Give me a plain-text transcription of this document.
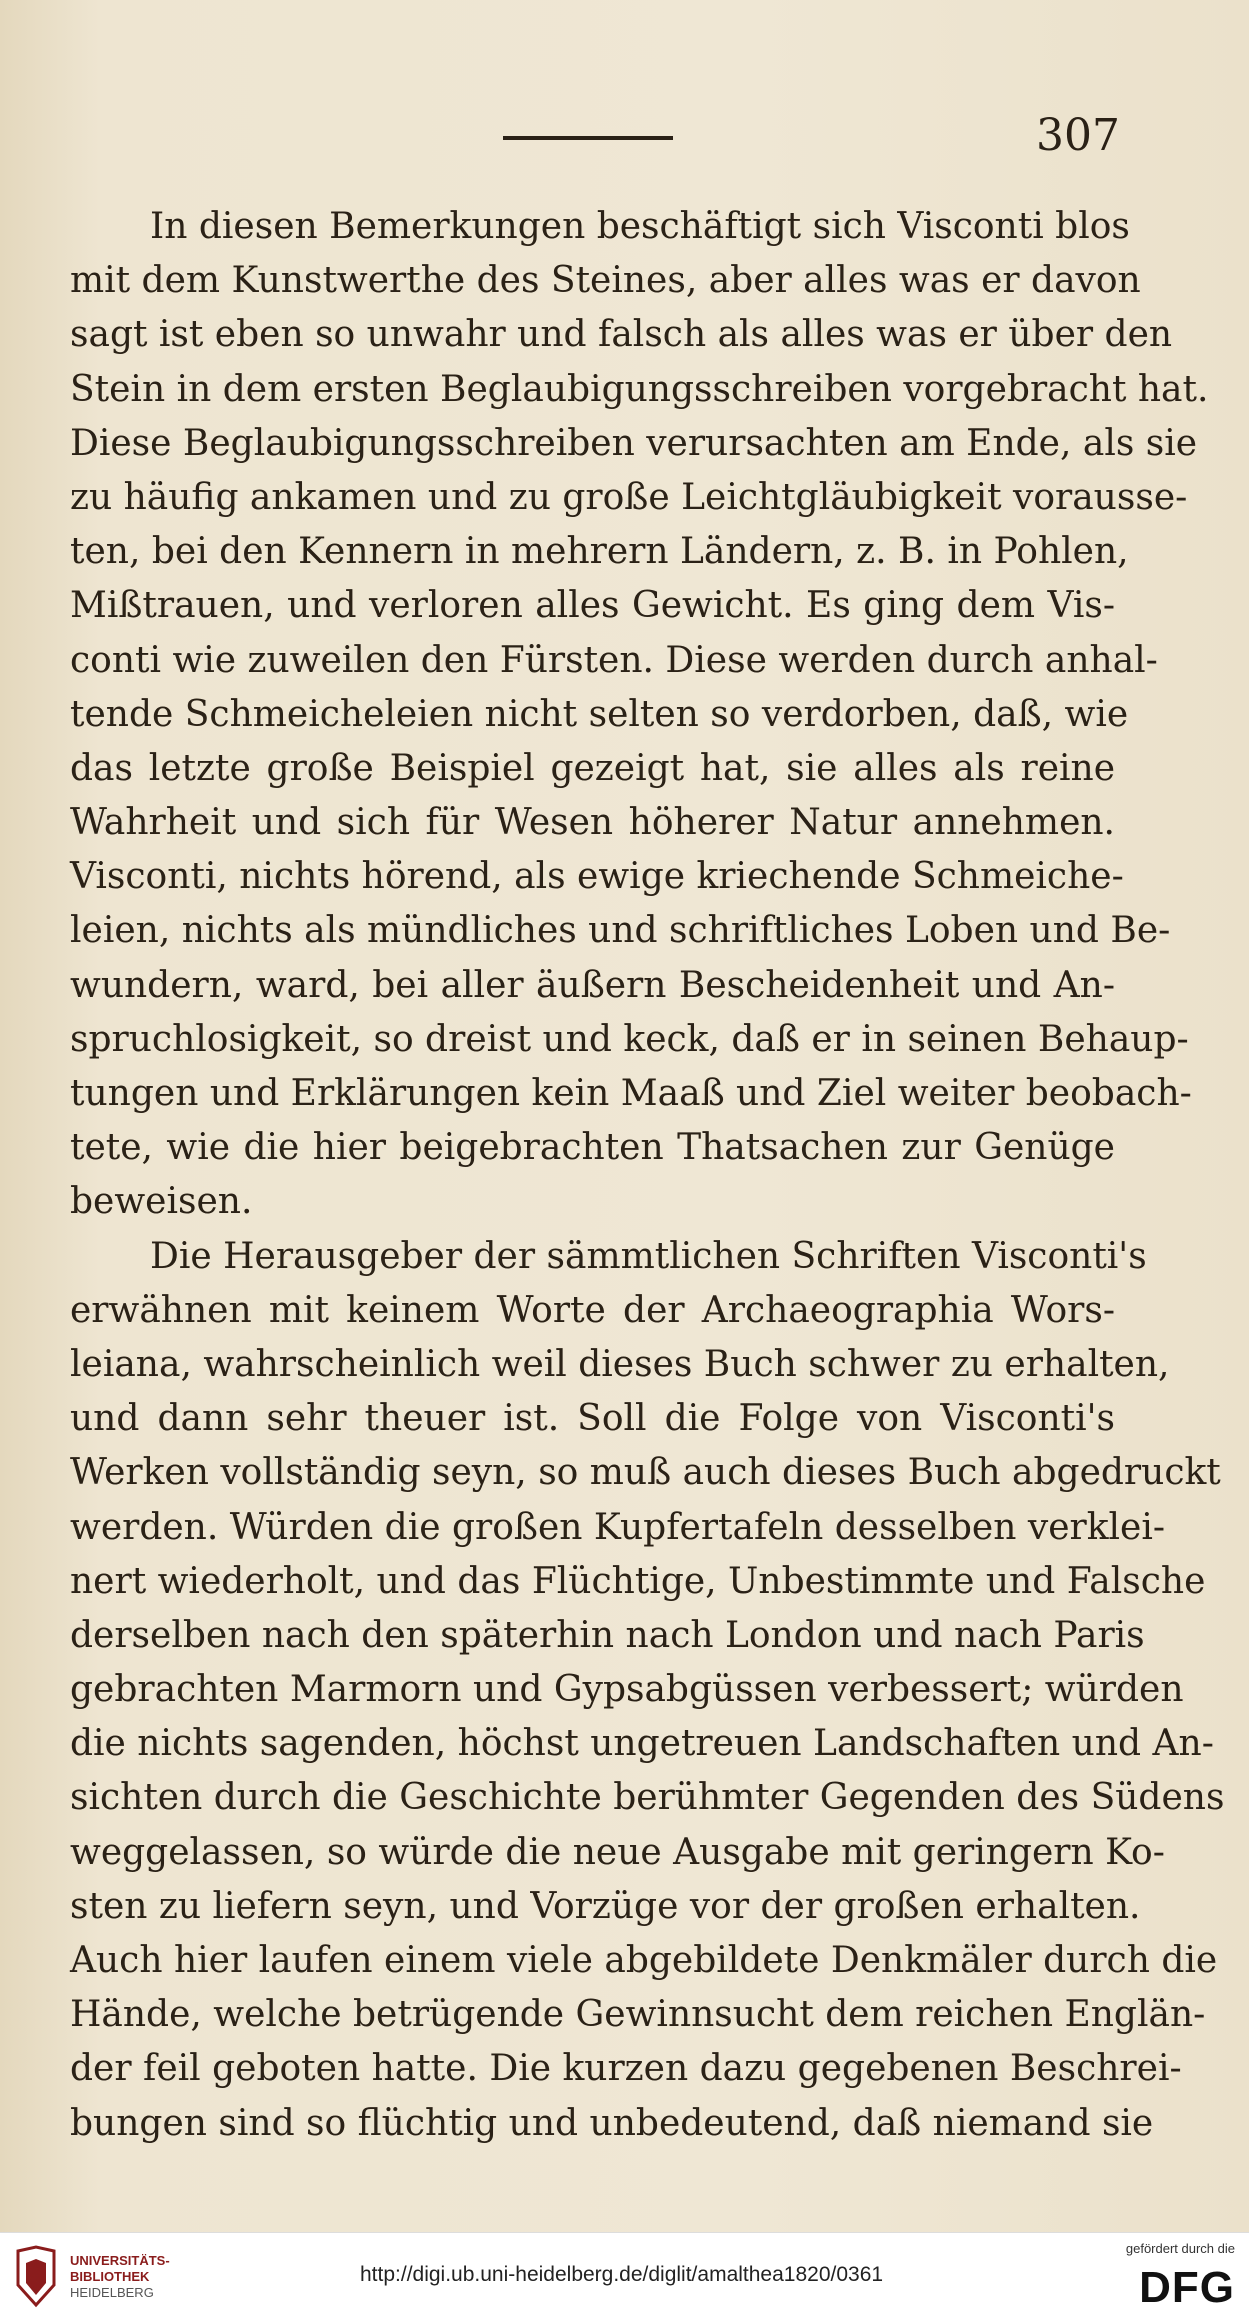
307
In diesen Bemerkungen beschäftigt sich Visconti blos
mit dem Kunstwerthe des Steines, aber alles was er davon
sagt ist eben so unwahr und falsch als alles was er über den
Stein in dem ersten Beglaubigungsschreiben vorgebracht hat.
Diese Beglaubigungsschreiben verursachten am Ende, als sie
zu häufig ankamen und zu große Leichtgläubigkeit vorausse-
ten, bei den Kennern in mehrern Ländern, z. B. in Pohlen,
Mißtrauen, und verloren alles Gewicht. Es ging dem Vis-
conti wie zuweilen den Fürsten. Diese werden durch anhal-
tende Schmeicheleien nicht selten so verdorben, daß, wie
das letzte große Beispiel gezeigt hat, sie alles als reine
Wahrheit und sich für Wesen höherer Natur annehmen.
Visconti, nichts hörend, als ewige kriechende Schmeiche-
leien, nichts als mündliches und schriftliches Loben und Be-
wundern, ward, bei aller äußern Bescheidenheit und An-
spruchlosigkeit, so dreist und keck, daß er in seinen Behaup-
tungen und Erklärungen kein Maaß und Ziel weiter beobach-
tete, wie die hier beigebrachten Thatsachen zur Genüge
beweisen.
Die Herausgeber der sämmtlichen Schriften Visconti's
erwähnen mit keinem Worte der Archaeographia Wors-
leiana, wahrscheinlich weil dieses Buch schwer zu erhalten,
und dann sehr theuer ist. Soll die Folge von Visconti's
Werken vollständig seyn, so muß auch dieses Buch abgedruckt
werden. Würden die großen Kupfertafeln desselben verklei-
nert wiederholt, und das Flüchtige, Unbestimmte und Falsche
derselben nach den späterhin nach London und nach Paris
gebrachten Marmorn und Gypsabgüssen verbessert; würden
die nichts sagenden, höchst ungetreuen Landschaften und An-
sichten durch die Geschichte berühmter Gegenden des Südens
weggelassen, so würde die neue Ausgabe mit geringern Ko-
sten zu liefern seyn, und Vorzüge vor der großen erhalten.
Auch hier laufen einem viele abgebildete Denkmäler durch die
Hände, welche betrügende Gewinnsucht dem reichen Englän-
der feil geboten hatte. Die kurzen dazu gegebenen Beschrei-
bungen sind so flüchtig und unbedeutend, daß niemand sie
UNIVERSITÄTS-
BIBLIOTHEK
HEIDELBERG
http://digi.ub.uni-heidelberg.de/diglit/amalthea1820/0361
gefördert durch die
DFG
